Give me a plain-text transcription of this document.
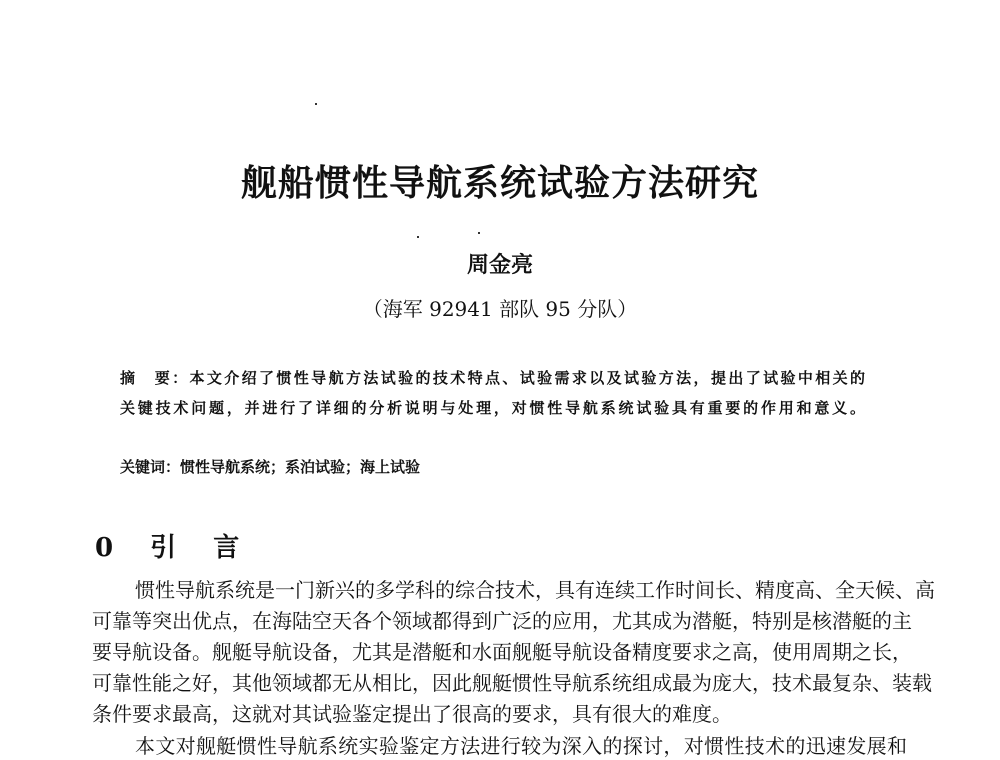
舰船惯性导航系统试验方法研究
周金亮
（海军 92941 部队 95 分队）
摘　要：本文介绍了惯性导航方法试验的技术特点、试验需求以及试验方法，提出了试验中相关的
关键技术问题，并进行了详细的分析说明与处理，对惯性导航系统试验具有重要的作用和意义。
关键词：惯性导航系统；系泊试验；海上试验
0 引 言
惯性导航系统是一门新兴的多学科的综合技术，具有连续工作时间长、精度高、全天候、高
可靠等突出优点，在海陆空天各个领域都得到广泛的应用，尤其成为潜艇，特别是核潜艇的主
要导航设备。舰艇导航设备，尤其是潜艇和水面舰艇导航设备精度要求之高，使用周期之长，
可靠性能之好，其他领域都无从相比，因此舰艇惯性导航系统组成最为庞大，技术最复杂、装载
条件要求最高，这就对其试验鉴定提出了很高的要求，具有很大的难度。
本文对舰艇惯性导航系统实验鉴定方法进行较为深入的探讨，对惯性技术的迅速发展和
